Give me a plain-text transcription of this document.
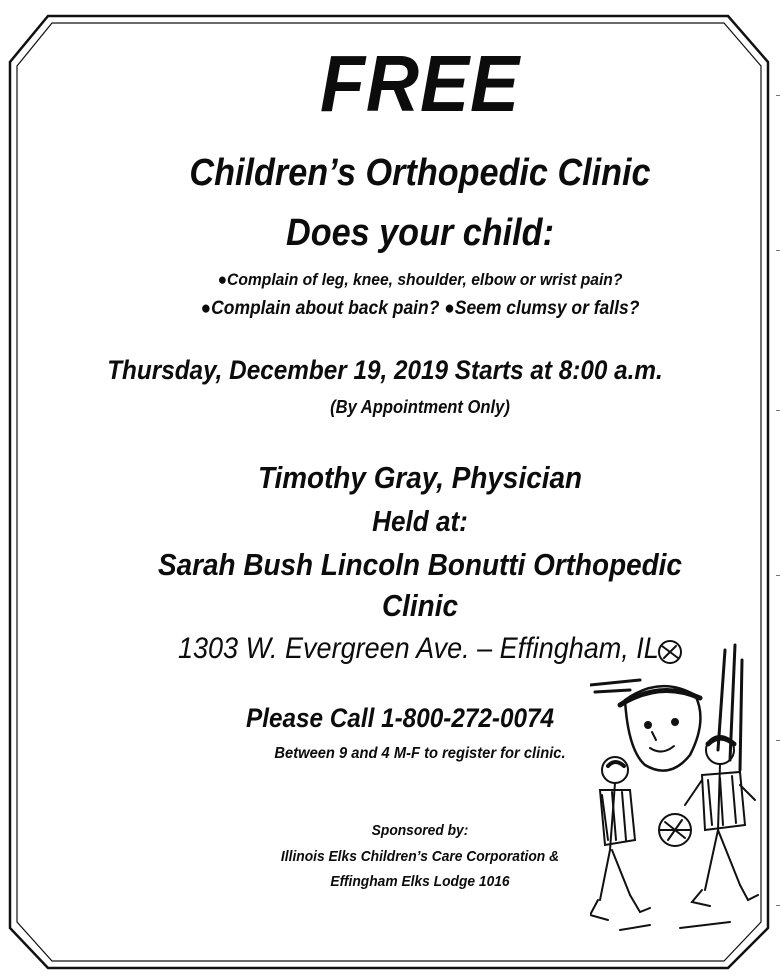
FREE
Children’s Orthopedic Clinic
Does your child:
●Complain of leg, knee, shoulder, elbow or wrist pain?
●Complain about back pain? ●Seem clumsy or falls?
Thursday, December 19, 2019 Starts at 8:00 a.m.
(By Appointment Only)
Timothy Gray, Physician
Held at:
Sarah Bush Lincoln Bonutti Orthopedic
Clinic
1303 W. Evergreen Ave. – Effingham, IL
Please Call 1-800-272-0074
Between 9 and 4 M-F to register for clinic.
Sponsored by:
Illinois Elks Children’s Care Corporation &
Effingham Elks Lodge 1016
